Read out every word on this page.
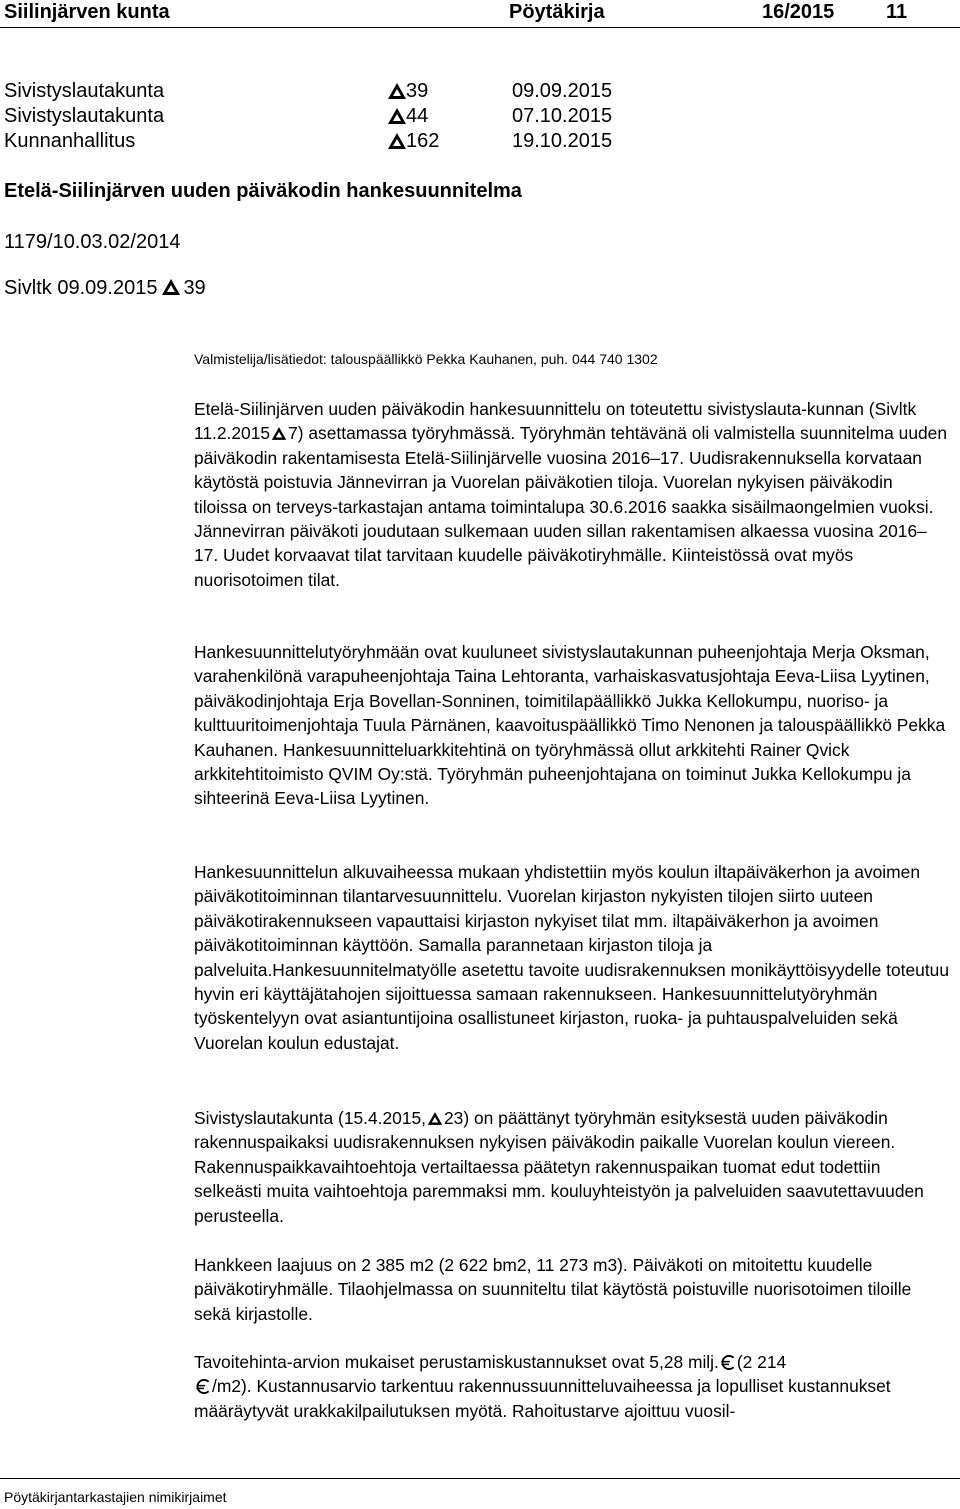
Siilinjärven kunta	Pöytäkirja	16/2015	11
Sivistyslautakunta	39	09.09.2015
Sivistyslautakunta	44	07.10.2015
Kunnanhallitus	162	19.10.2015
Etelä-Siilinjärven uuden päiväkodin hankesuunnitelma
1179/10.03.02/2014
Sivltk 09.09.2015 39
Valmistelija/lisätiedot: talouspäällikkö Pekka Kauhanen, puh. 044 740 1302

Etelä-Siilinjärven uuden päiväkodin hankesuunnittelu on toteutettu sivistyslauta-kunnan (Sivltk 11.2.2015 7) asettamassa työryhmässä. Työryhmän tehtävänä oli valmistella suunnitelma uuden päiväkodin rakentamisesta Etelä-Siilinjärvelle vuosina 2016‒17. Uudisrakennuksella korvataan käytöstä poistuvia Jännevirran ja Vuorelan päiväkotien tiloja. Vuorelan nykyisen päiväkodin tiloissa on terveys-tarkastajan antama toimintalupa 30.6.2016 saakka sisäilmaongelmien vuoksi. Jännevirran päiväkoti joudutaan sulkemaan uuden sillan rakentamisen alkaessa vuosina 2016‒17. Uudet korvaavat tilat tarvitaan kuudelle päiväkotiryhmälle. Kiinteistössä ovat myös nuorisotoimen tilat.

Hankesuunnittelutyöryhmään ovat kuuluneet sivistyslautakunnan puheenjohtaja Merja Oksman, varahenkilönä varapuheenjohtaja Taina Lehtoranta, varhaiskasvatusjohtaja Eeva-Liisa Lyytinen, päiväkodinjohtaja Erja Bovellan-Sonninen, toimitilapäällikkö Jukka Kellokumpu, nuoriso- ja kulttuuritoimenjohtaja Tuula Pärnänen, kaavoituspäällikkö Timo Nenonen ja talouspäällikkö Pekka Kauhanen. Hankesuunnitteluarkkitehtinä on työryhmässä ollut arkkitehti Rainer Qvick arkkitehtitoimisto QVIM Oy:stä. Työryhmän puheenjohtajana on toiminut Jukka Kellokumpu ja sihteerinä Eeva-Liisa Lyytinen.

Hankesuunnittelun alkuvaiheessa mukaan yhdistettiin myös koulun iltapäiväkerhon ja avoimen päiväkotitoiminnan tilantarvesuunnittelu. Vuorelan kirjaston nykyisten tilojen siirto uuteen päiväkotirakennukseen vapauttaisi kirjaston nykyiset tilat mm. iltapäiväkerhon ja avoimen päiväkotitoiminnan käyttöön. Samalla parannetaan kirjaston tiloja ja palveluita.Hankesuunnitelmatyölle asetettu tavoite uudisrakennuksen monikäyttöisyydelle toteutuu hyvin eri käyttäjätahojen sijoittuessa samaan rakennukseen. Hankesuunnittelutyöryhmän työskentelyyn ovat asiantuntijoina osallistuneet kirjaston, ruoka- ja puhtauspalveluiden sekä Vuorelan koulun edustajat.

Sivistyslautakunta (15.4.2015, 23) on päättänyt työryhmän esityksestä uuden päiväkodin rakennuspaikaksi uudisrakennuksen nykyisen päiväkodin paikalle Vuorelan koulun viereen. Rakennuspaikkavaihtoehtoja vertailtaessa päätetyn rakennuspaikan tuomat edut todettiin selkeästi muita vaihtoehtoja paremmaksi mm. kouluyhteistyön ja palveluiden saavutettavuuden perusteella.

Hankkeen laajuus on 2 385 m2 (2 622 bm2, 11 273 m3). Päiväkoti on mitoitettu kuudelle päiväkotiryhmälle. Tilaohjelmassa on suunniteltu tilat käytöstä poistuville nuorisotoimen tiloille sekä kirjastolle.

Tavoitehinta-arvion mukaiset perustamiskustannukset ovat 5,28 milj. (2 214
/m2). Kustannusarvio tarkentuu rakennussuunnitteluvaiheessa ja lopulliset kustannukset määräytyvät urakkakilpailutuksen myötä. Rahoitustarve ajoittuu vuosil-

Pöytäkirjantarkastajien nimikirjaimet
